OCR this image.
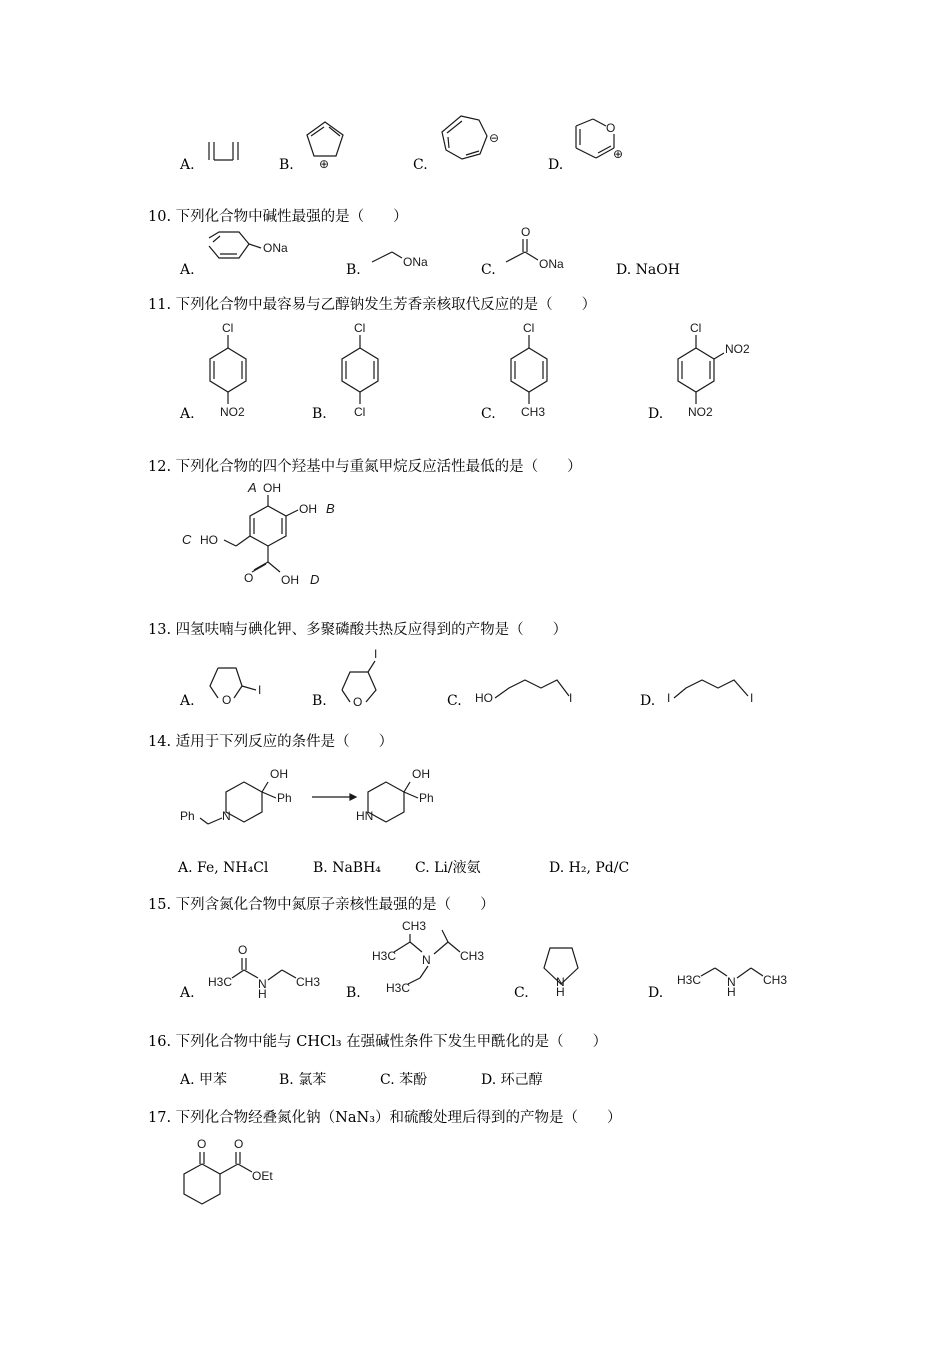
A.	B. ⊕	C.
⊖
D.
O
⊕
10. 下列化合物中碱性最强的是（　　）
A.
ONa
B.	ONa	C.
O
ONa	D. NaOH
11. 下列化合物中最容易与乙醇钠发生芳香亲核取代反应的是（　　）
A.
Cl
NO2	B.
Cl
Cl	C.
Cl
CH3	D.
Cl
NO2
NO2
12. 下列化合物的四个羟基中与重氮甲烷反应活性最低的是（　　）
A OH
OH B
C HO
O OH D
13. 四氢呋喃与碘化钾、多聚磷酸共热反应得到的产物是（　　）
A. O
I
B.
I
O	C. HO	I	D. I	I
14. 适用于下列反应的条件是（　　）
OH
Ph
N
Ph
OH
Ph
HN
A. Fe, NH₄Cl	B. NaBH₄ C. Li/液氨	D. H₂, Pd/C
15. 下列含氮化合物中氮原子亲核性最强的是（　　）
A.
O
H3C N
H
CH3
B.
CH3
H3C N CH3
H3C	C.
N
H	D.
H3C N
H
CH3
16. 下列化合物中能与 CHCl₃ 在强碱性条件下发生甲酰化的是（　　）
A. 甲苯	B. 氯苯	C. 苯酚	D. 环己醇
17. 下列化合物经叠氮化钠（NaN₃）和硫酸处理后得到的产物是（　　）
O O
OEt
